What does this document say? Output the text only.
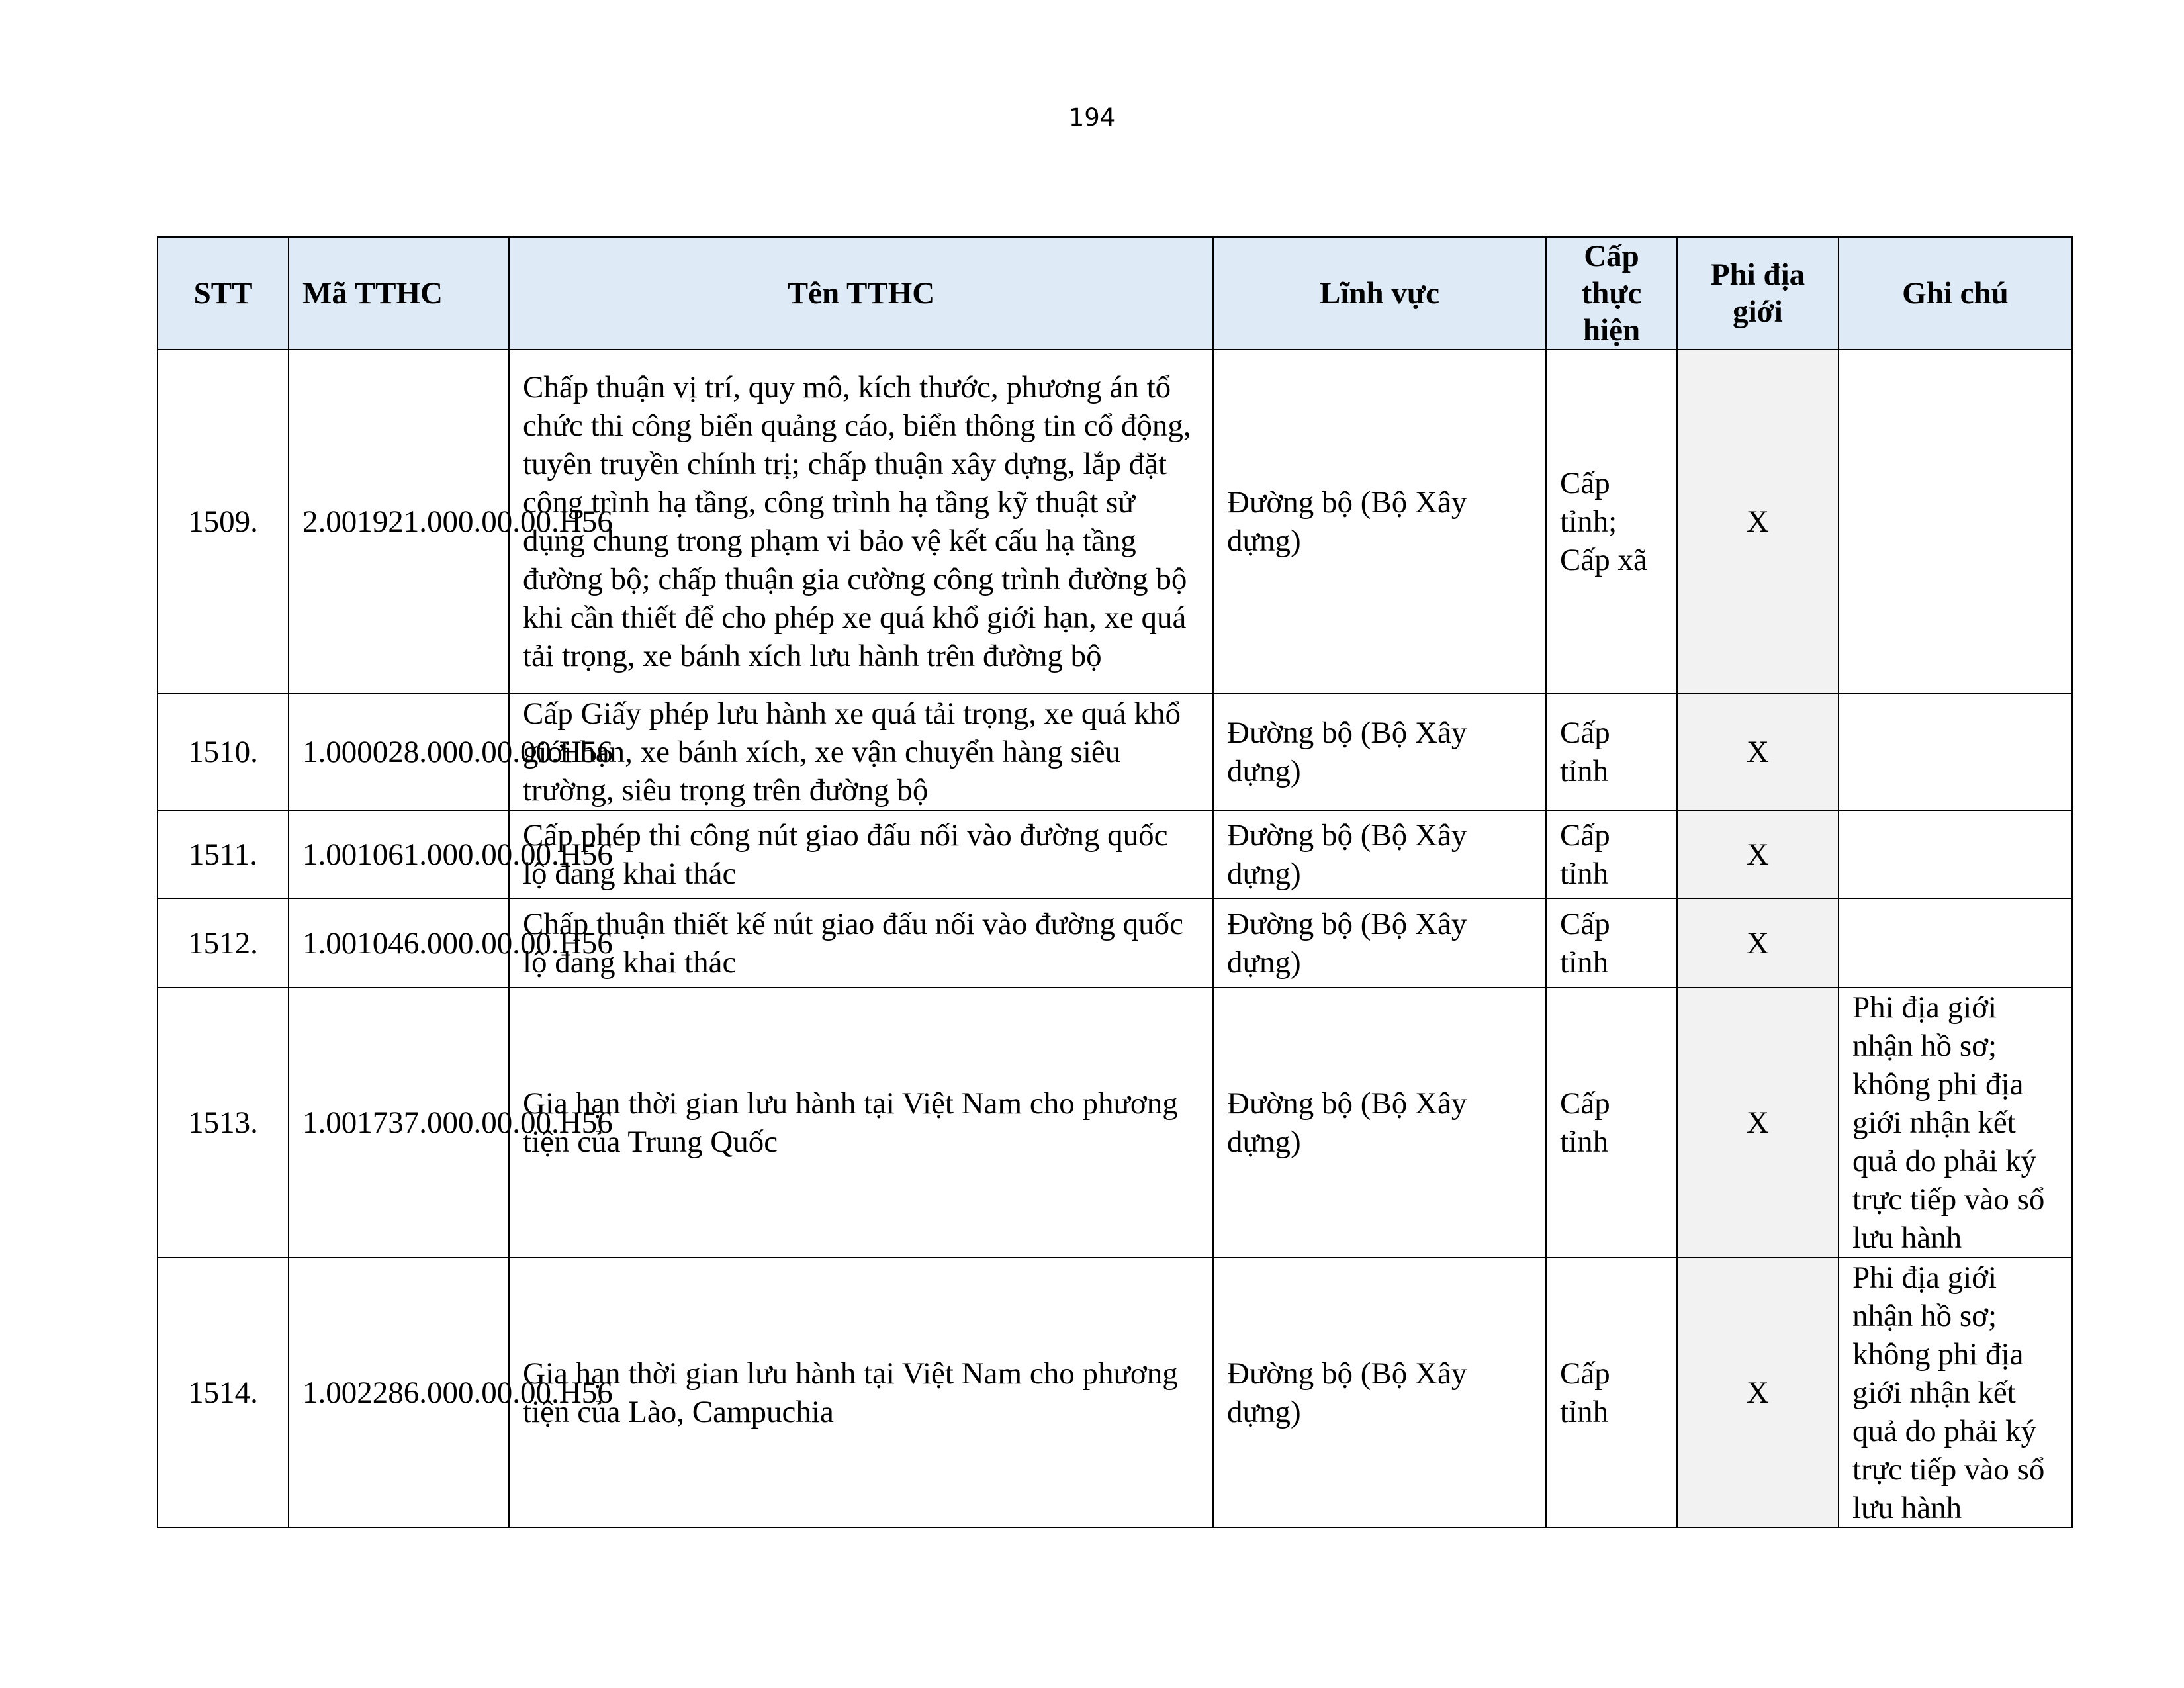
194
STT	Mã TTHC	Tên TTHC	Lĩnh vực	Cấp thực hiện	Phi địa giới	Ghi chú
1509.	2.001921.000.00.00.H56	Chấp thuận vị trí, quy mô, kích thước, phương án tổ chức thi công biển quảng cáo, biển thông tin cổ động, tuyên truyền chính trị; chấp thuận xây dựng, lắp đặt công trình hạ tầng, công trình hạ tầng kỹ thuật sử dụng chung trong phạm vi bảo vệ kết cấu hạ tầng đường bộ; chấp thuận gia cường công trình đường bộ khi cần thiết để cho phép xe quá khổ giới hạn, xe quá tải trọng, xe bánh xích lưu hành trên đường bộ	Đường bộ (Bộ Xây dựng)	Cấp tỉnh; Cấp xã	X	
1510.	1.000028.000.00.00.H56	Cấp Giấy phép lưu hành xe quá tải trọng, xe quá khổ giới hạn, xe bánh xích, xe vận chuyển hàng siêu trường, siêu trọng trên đường bộ	Đường bộ (Bộ Xây dựng)	Cấp tỉnh	X	
1511.	1.001061.000.00.00.H56	Cấp phép thi công nút giao đấu nối vào đường quốc lộ đang khai thác	Đường bộ (Bộ Xây dựng)	Cấp tỉnh	X	
1512.	1.001046.000.00.00.H56	Chấp thuận thiết kế nút giao đấu nối vào đường quốc lộ đang khai thác	Đường bộ (Bộ Xây dựng)	Cấp tỉnh	X	
1513.	1.001737.000.00.00.H56	Gia hạn thời gian lưu hành tại Việt Nam cho phương tiện của Trung Quốc	Đường bộ (Bộ Xây dựng)	Cấp tỉnh	X	Phi địa giới nhận hồ sơ; không phi địa giới nhận kết quả do phải ký trực tiếp vào sổ lưu hành
1514.	1.002286.000.00.00.H56	Gia hạn thời gian lưu hành tại Việt Nam cho phương tiện của Lào, Campuchia	Đường bộ (Bộ Xây dựng)	Cấp tỉnh	X	Phi địa giới nhận hồ sơ; không phi địa giới nhận kết quả do phải ký trực tiếp vào sổ lưu hành
